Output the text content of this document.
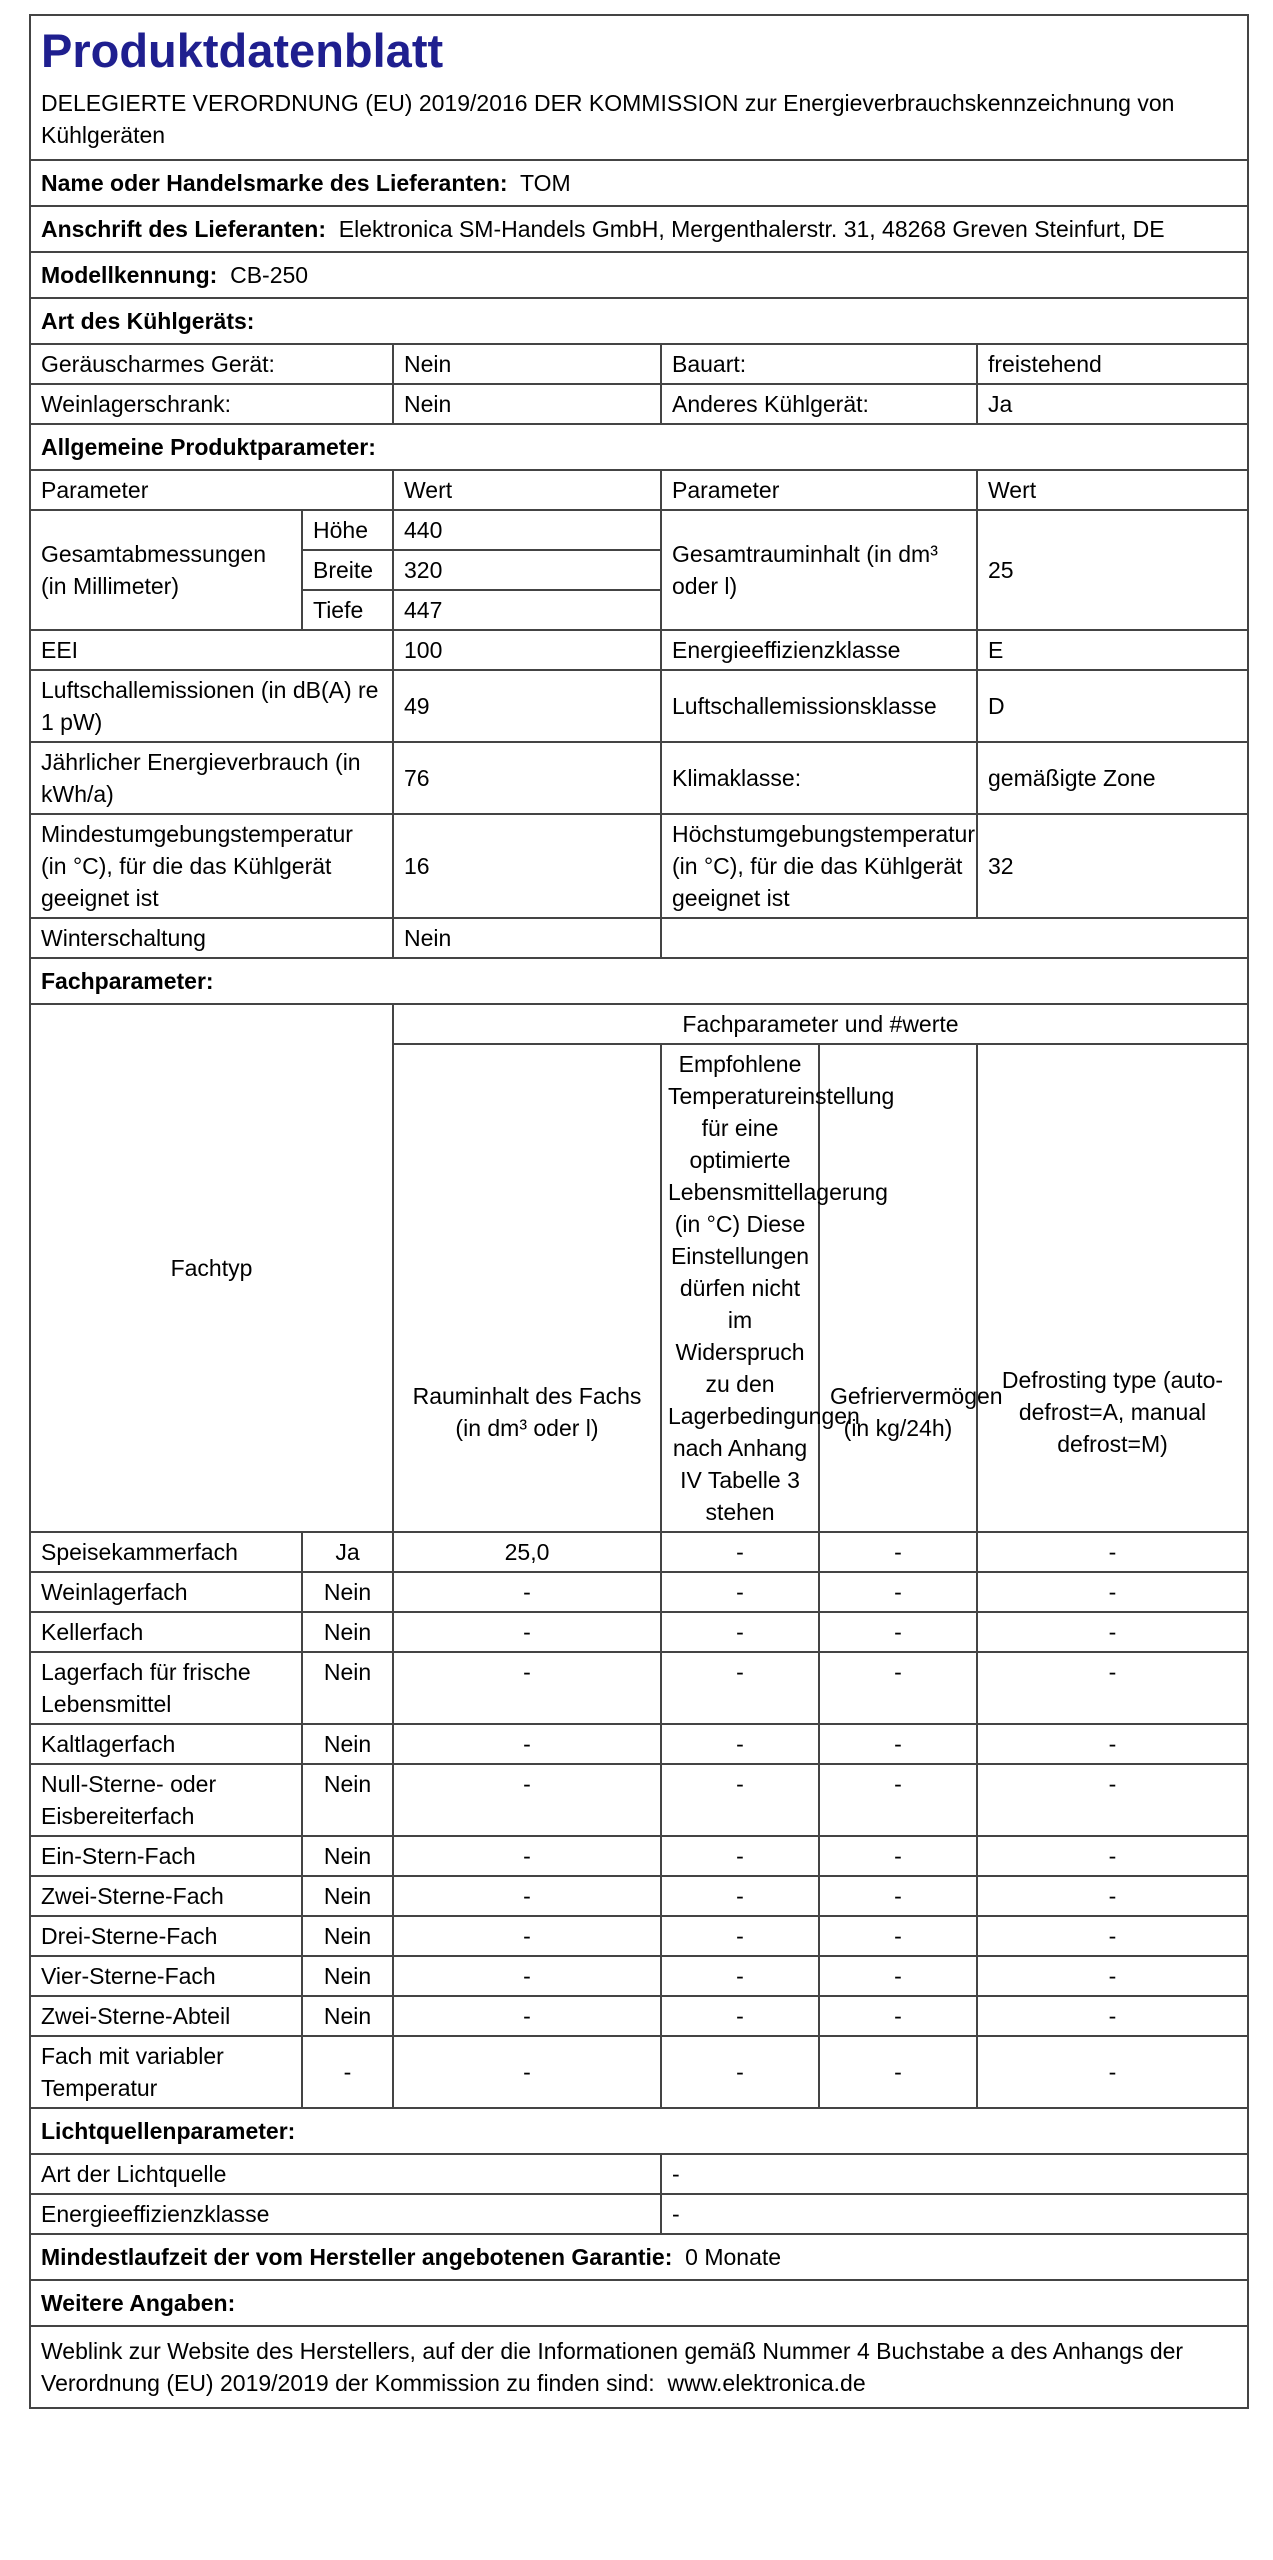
Produktdatenblatt					
DELEGIERTE VERORDNUNG (EU) 2019/2016 DER KOMMISSION zur Energieverbrauchskennzeichnung von Kühlgeräten					
Name oder Handelsmarke des Lieferanten: TOM					
Anschrift des Lieferanten: Elektronica SM-Handels GmbH, Mergenthalerstr. 31, 48268 Greven Steinfurt, DE					
Modellkennung: CB-250					
Art des Kühlgeräts:					
Geräuscharmes Gerät:		Nein	Bauart:		freistehend
Weinlagerschrank:		Nein	Anderes Kühlgerät:		Ja
Allgemeine Produktparameter:					
Parameter		Wert	Parameter		Wert
Gesamtabmessungen (in Millimeter)	Höhe	440	Gesamtrauminhalt (in dm³ oder l)		25
	Breite	320			
	Tiefe	447			
EEI		100	Energieeffizienzklasse		E
Luftschallemissionen (in dB(A) re 1 pW)		49	Luftschallemissionsklasse		D
Jährlicher Energieverbrauch (in kWh/a)		76	Klimaklasse:		gemäßigte Zone
Mindestumgebungstemperatur (in °C), für die das Kühlgerät geeignet ist		16	Höchstumgebungstemperatur (in °C), für die das Kühlgerät geeignet ist		32
Winterschaltung		Nein			
Fachparameter:					
Fachtyp		Fachparameter und #werte			
		Rauminhalt des Fachs (in dm³ oder l)	Empfohlene Temperatureinstellung für eine optimierte Lebensmittellagerung (in °C) Diese Einstellungen dürfen nicht im Widerspruch zu den Lagerbedingungen nach Anhang IV Tabelle 3 stehen	Gefriervermögen (in kg/24h)	Defrosting type (auto-defrost=A, manual defrost=M)
Speisekammerfach	Ja	25,0	-	-	-
Weinlagerfach	Nein	-	-	-	-
Kellerfach	Nein	-	-	-	-
Lagerfach für frische Lebensmittel	Nein	-	-	-	-
Kaltlagerfach	Nein	-	-	-	-
Null-Sterne- oder Eisbereiterfach	Nein	-	-	-	-
Ein-Stern-Fach	Nein	-	-	-	-
Zwei-Sterne-Fach	Nein	-	-	-	-
Drei-Sterne-Fach	Nein	-	-	-	-
Vier-Sterne-Fach	Nein	-	-	-	-
Zwei-Sterne-Abteil	Nein	-	-	-	-
Fach mit variabler Temperatur	-	-	-	-	-
Lichtquellenparameter:					
Art der Lichtquelle			-		
Energieeffizienzklasse			-		
Mindestlaufzeit der vom Hersteller angebotenen Garantie: 0 Monate					
Weitere Angaben:					
Weblink zur Website des Herstellers, auf der die Informationen gemäß Nummer 4 Buchstabe a des Anhangs der Verordnung (EU) 2019/2019 der Kommission zu finden sind: www.elektronica.de					
